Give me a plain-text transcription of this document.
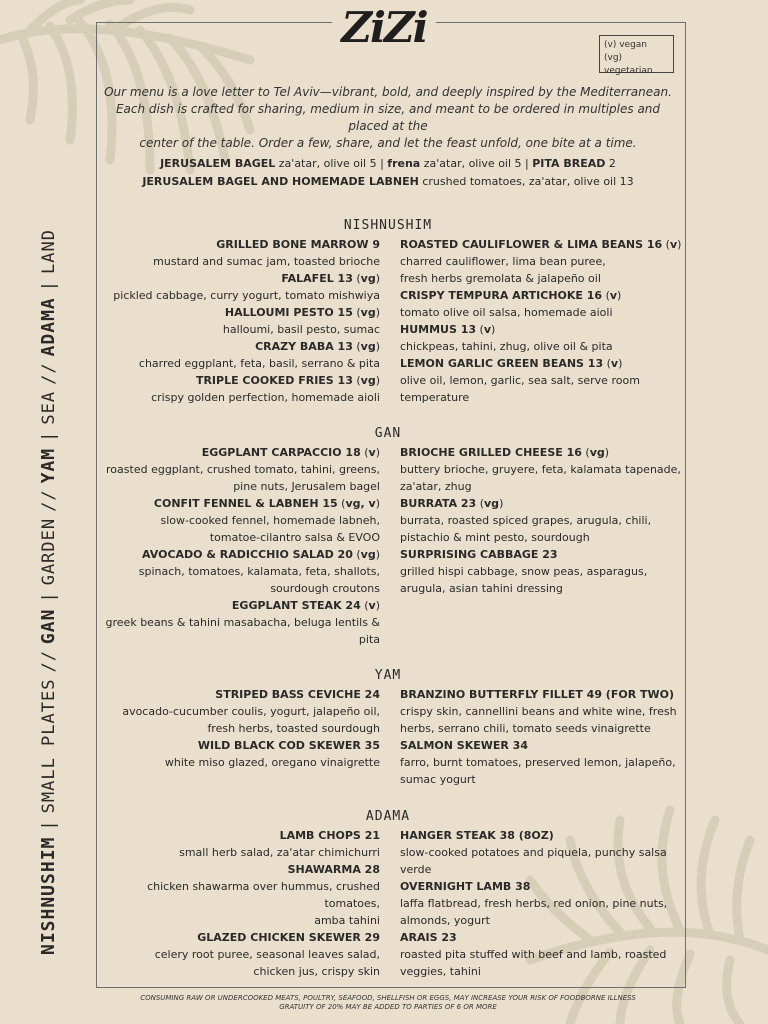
NISHNUSHIM|SMALL PLATES//GAN|GARDEN//YAM|SEA//ADAMA|LAND
ZiZi	(v) vegan
(vg) vegetarian
Our menu is a love letter to Tel Aviv—vibrant, bold, and deeply inspired by the Mediterranean.
Each dish is crafted for sharing, medium in size, and meant to be ordered in multiples and placed at the
center of the table. Order a few, share, and let the feast unfold, one bite at a time.
JERUSALEM BAGEL za'atar, olive oil 5 | frena za'atar, olive oil 5 | PITA BREAD 2
JERUSALEM BAGEL AND HOMEMADE LABNEH crushed tomatoes, za'atar, olive oil 13
NISHNUSHIM
GRILLED BONE MARROW 9
mustard and sumac jam, toasted brioche
FALAFEL 13 (vg)
pickled cabbage, curry yogurt, tomato mishwiya
HALLOUMI PESTO 15 (vg)
halloumi, basil pesto, sumac
CRAZY BABA 13 (vg)
charred eggplant, feta, basil, serrano & pita
TRIPLE COOKED FRIES 13 (vg)
crispy golden perfection, homemade aioli
ROASTED CAULIFLOWER & LIMA BEANS 16 (v)
charred cauliflower, lima bean puree,
fresh herbs gremolata & jalapeño oil
CRISPY TEMPURA ARTICHOKE 16 (v)
tomato olive oil salsa, homemade aioli
HUMMUS 13 (v)
chickpeas, tahini, zhug, olive oil & pita
LEMON GARLIC GREEN BEANS 13 (v)
olive oil, lemon, garlic, sea salt, serve room
temperature
GAN
EGGPLANT CARPACCIO 18 (v)
roasted eggplant, crushed tomato, tahini, greens,
pine nuts, Jerusalem bagel
CONFIT FENNEL & LABNEH 15 (vg, v)
slow-cooked fennel, homemade labneh,
tomatoe-cilantro salsa & EVOO
AVOCADO & RADICCHIO SALAD 20 (vg)
spinach, tomatoes, kalamata, feta, shallots,
sourdough croutons
EGGPLANT STEAK 24 (v)
greek beans & tahini masabacha, beluga lentils &
pita
BRIOCHE GRILLED CHEESE 16 (vg)
buttery brioche, gruyere, feta, kalamata tapenade,
za'atar, zhug
BURRATA 23 (vg)
burrata, roasted spiced grapes, arugula, chili,
pistachio & mint pesto, sourdough
SURPRISING CABBAGE 23
grilled hispi cabbage, snow peas, asparagus,
arugula, asian tahini dressing
YAM
STRIPED BASS CEVICHE 24
avocado-cucumber coulis, yogurt, jalapeño oil,
fresh herbs, toasted sourdough
WILD BLACK COD SKEWER 35
white miso glazed, oregano vinaigrette
BRANZINO BUTTERFLY FILLET 49 (FOR TWO)
crispy skin, cannellini beans and white wine, fresh
herbs, serrano chili, tomato seeds vinaigrette
SALMON SKEWER 34
farro, burnt tomatoes, preserved lemon, jalapeño,
sumac yogurt
ADAMA
LAMB CHOPS 21
small herb salad, za'atar chimichurri
SHAWARMA 28
chicken shawarma over hummus, crushed tomatoes,
amba tahini
GLAZED CHICKEN SKEWER 29
celery root puree, seasonal leaves salad,
chicken jus, crispy skin
HANGER STEAK 38 (8OZ)
slow-cooked potatoes and piquela, punchy salsa
verde
OVERNIGHT LAMB 38
laffa flatbread, fresh herbs, red onion, pine nuts,
almonds, yogurt
ARAIS 23
roasted pita stuffed with beef and lamb, roasted
veggies, tahini
CONSUMING RAW OR UNDERCOOKED MEATS, POULTRY, SEAFOOD, SHELLFISH OR EGGS, MAY INCREASE YOUR RISK OF FOODBORNE ILLNESS
GRATUITY OF 20% MAY BE ADDED TO PARTIES OF 6 OR MORE
